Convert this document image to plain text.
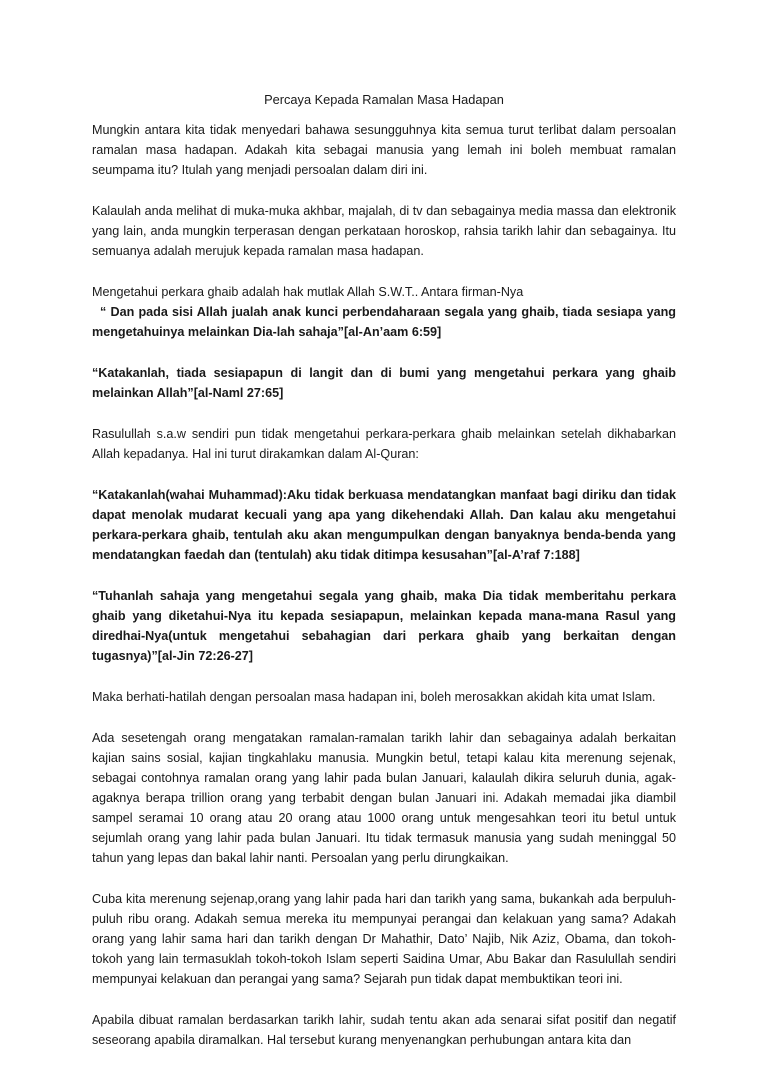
Percaya Kepada Ramalan Masa Hadapan

Mungkin antara kita tidak menyedari bahawa sesungguhnya kita semua turut terlibat dalam persoalan ramalan masa hadapan. Adakah kita sebagai manusia yang lemah ini boleh membuat ramalan seumpama itu? Itulah yang menjadi persoalan dalam diri ini.

Kalaulah anda melihat di muka-muka akhbar, majalah, di tv dan sebagainya media massa dan elektronik yang lain, anda mungkin terperasan dengan perkataan horoskop, rahsia tarikh lahir dan sebagainya. Itu semuanya adalah merujuk kepada ramalan masa hadapan.

Mengetahui perkara ghaib adalah hak mutlak Allah S.W.T.. Antara firman-Nya

“ Dan pada sisi Allah jualah anak kunci perbendaharaan segala yang ghaib, tiada sesiapa yang mengetahuinya melainkan Dia-lah sahaja”[al-An’aam 6:59]

“Katakanlah, tiada sesiapapun di langit dan di bumi yang mengetahui perkara yang ghaib melainkan Allah”[al-Naml 27:65]

Rasulullah s.a.w sendiri pun tidak mengetahui perkara-perkara ghaib melainkan setelah dikhabarkan Allah kepadanya. Hal ini turut dirakamkan dalam Al-Quran:

“Katakanlah(wahai Muhammad):Aku tidak berkuasa mendatangkan manfaat bagi diriku dan tidak dapat menolak mudarat kecuali yang apa yang dikehendaki Allah. Dan kalau aku mengetahui perkara-perkara ghaib, tentulah aku akan mengumpulkan dengan banyaknya benda-benda yang mendatangkan faedah dan (tentulah) aku tidak ditimpa kesusahan”[al-A’raf 7:188]

“Tuhanlah sahaja yang mengetahui segala yang ghaib, maka Dia tidak memberitahu perkara ghaib yang diketahui-Nya itu kepada sesiapapun, melainkan kepada mana-mana Rasul yang diredhai-Nya(untuk mengetahui sebahagian dari perkara ghaib yang berkaitan dengan tugasnya)”[al-Jin 72:26-27]

Maka berhati-hatilah dengan persoalan masa hadapan ini, boleh merosakkan akidah kita umat Islam.

Ada sesetengah orang mengatakan ramalan-ramalan tarikh lahir dan sebagainya adalah berkaitan kajian sains sosial, kajian tingkahlaku manusia. Mungkin betul, tetapi kalau kita merenung sejenak, sebagai contohnya ramalan orang yang lahir pada bulan Januari, kalaulah dikira seluruh dunia, agak-agaknya berapa trillion orang yang terbabit dengan bulan Januari ini. Adakah memadai jika diambil sampel seramai 10 orang atau 20 orang atau 1000 orang untuk mengesahkan teori itu betul untuk sejumlah orang yang lahir pada bulan Januari. Itu tidak termasuk manusia yang sudah meninggal 50 tahun yang lepas dan bakal lahir nanti. Persoalan yang perlu dirungkaikan.

Cuba kita merenung sejenap,orang yang lahir pada hari dan tarikh yang sama, bukankah ada berpuluh-puluh ribu orang. Adakah semua mereka itu mempunyai perangai dan kelakuan yang sama? Adakah orang yang lahir sama hari dan tarikh dengan Dr Mahathir, Dato’ Najib, Nik Aziz, Obama, dan tokoh-tokoh yang lain termasuklah tokoh-tokoh Islam seperti Saidina Umar, Abu Bakar dan Rasulullah sendiri mempunyai kelakuan dan perangai yang sama? Sejarah pun tidak dapat membuktikan teori ini.

Apabila dibuat ramalan berdasarkan tarikh lahir, sudah tentu akan ada senarai sifat positif dan negatif seseorang apabila diramalkan. Hal tersebut kurang menyenangkan perhubungan antara kita dan
